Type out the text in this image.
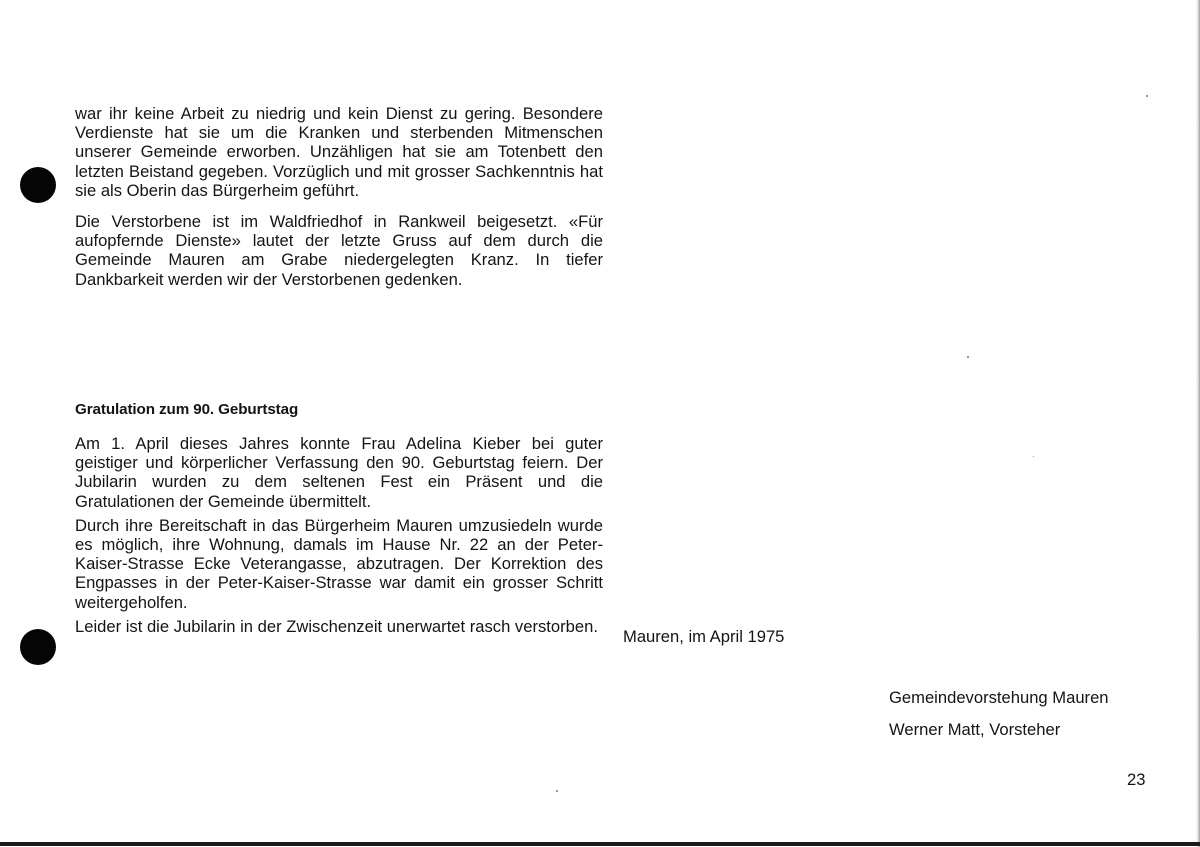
war ihr keine Arbeit zu niedrig und kein Dienst zu gering. Besondere Verdienste hat sie um die Kranken und sterbenden Mitmenschen unserer Gemeinde erworben. Unzähligen hat sie am Totenbett den letzten Beistand gegeben. Vorzüglich und mit grosser Sachkenntnis hat sie als Oberin das Bürgerheim geführt.

Die Verstorbene ist im Waldfriedhof in Rankweil beigesetzt. «Für aufopfernde Dienste» lautet der letzte Gruss auf dem durch die Gemeinde Mauren am Grabe niedergelegten Kranz. In tiefer Dankbarkeit werden wir der Verstorbenen gedenken.

Gratulation zum 90. Geburtstag

Am 1. April dieses Jahres konnte Frau Adelina Kieber bei guter geistiger und körperlicher Verfassung den 90. Geburtstag feiern. Der Jubilarin wurden zu dem seltenen Fest ein Präsent und die Gratulationen der Gemeinde übermittelt.

Durch ihre Bereitschaft in das Bürgerheim Mauren umzusiedeln wurde es möglich, ihre Wohnung, damals im Hause Nr. 22 an der Peter-Kaiser-Strasse Ecke Veterangasse, abzutragen. Der Korrektion des Engpasses in der Peter-Kaiser-Strasse war damit ein grosser Schritt weitergeholfen.

Leider ist die Jubilarin in der Zwischenzeit unerwartet rasch verstorben.

Mauren, im April 1975

Gemeindevorstehung Mauren

Werner Matt, Vorsteher

23
